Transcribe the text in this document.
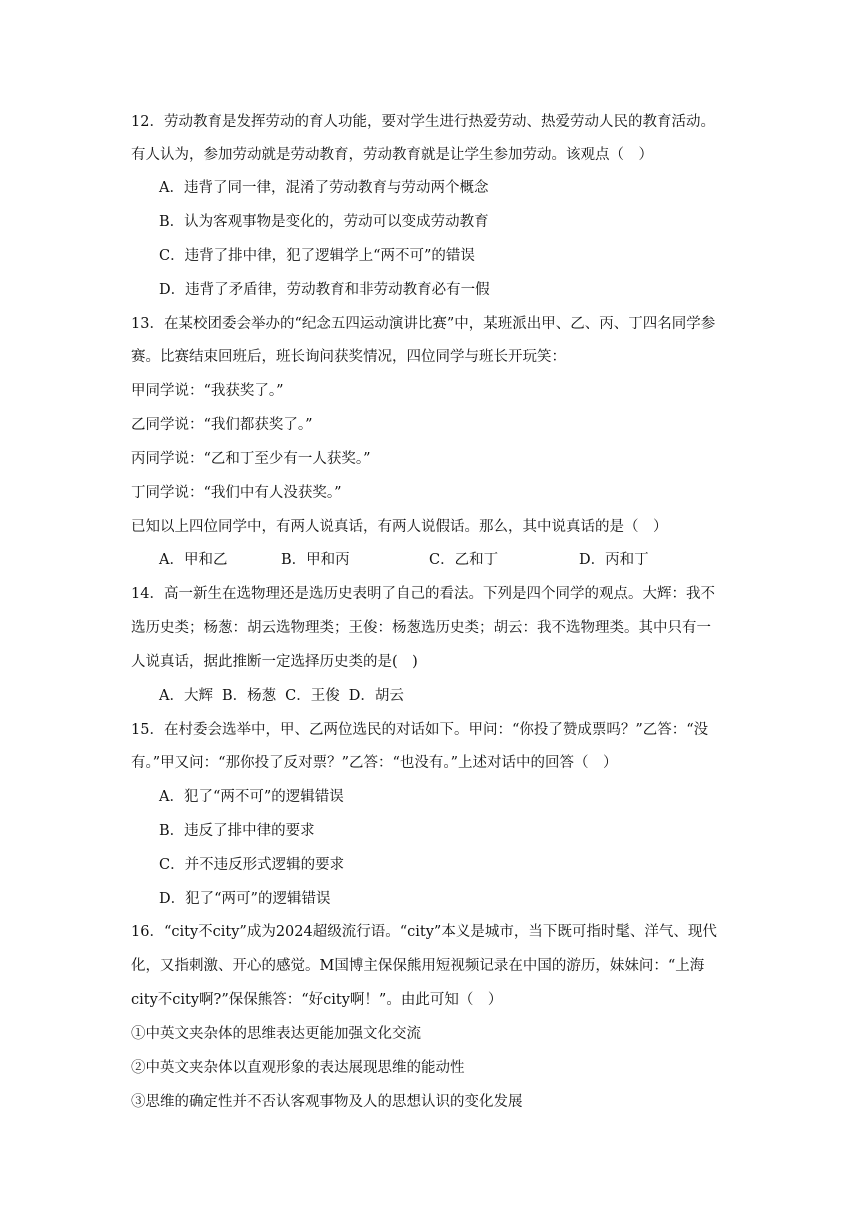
12．劳动教育是发挥劳动的育人功能，要对学生进行热爱劳动、热爱劳动人民的教育活动。
有人认为，参加劳动就是劳动教育，劳动教育就是让学生参加劳动。该观点（　）
A．违背了同一律，混淆了劳动教育与劳动两个概念
B．认为客观事物是变化的，劳动可以变成劳动教育
C．违背了排中律，犯了逻辑学上“两不可”的错误
D．违背了矛盾律，劳动教育和非劳动教育必有一假
13．在某校团委会举办的“纪念五四运动演讲比赛”中，某班派出甲、乙、丙、丁四名同学参
赛。比赛结束回班后，班长询问获奖情况，四位同学与班长开玩笑：
甲同学说：“我获奖了。”
乙同学说：“我们都获奖了。”
丙同学说：“乙和丁至少有一人获奖。”
丁同学说：“我们中有人没获奖。”
已知以上四位同学中，有两人说真话，有两人说假话。那么，其中说真话的是（　）
A．甲和乙	B．甲和丙	C．乙和丁	D．丙和丁
14．高一新生在选物理还是选历史表明了自己的看法。下列是四个同学的观点。大辉：我不
选历史类；杨葱：胡云选物理类；王俊：杨葱选历史类；胡云：我不选物理类。其中只有一
人说真话，据此推断一定选择历史类的是(　)
A．大辉 B．杨葱 C．王俊 D．胡云
15．在村委会选举中，甲、乙两位选民的对话如下。甲问：“你投了赞成票吗？”乙答：“没
有。”甲又问：“那你投了反对票？”乙答：“也没有。”上述对话中的回答（　）
A．犯了“两不可”的逻辑错误
B．违反了排中律的要求
C．并不违反形式逻辑的要求
D．犯了“两可”的逻辑错误
16．“city不city”成为2024超级流行语。“city”本义是城市，当下既可指时髦、洋气、现代
化，又指刺激、开心的感觉。M国博主保保熊用短视频记录在中国的游历，妹妹问：“上海
city不city啊?”保保熊答：“好city啊！”。由此可知（　）
①中英文夹杂体的思维表达更能加强文化交流
②中英文夹杂体以直观形象的表达展现思维的能动性
③思维的确定性并不否认客观事物及人的思想认识的变化发展
